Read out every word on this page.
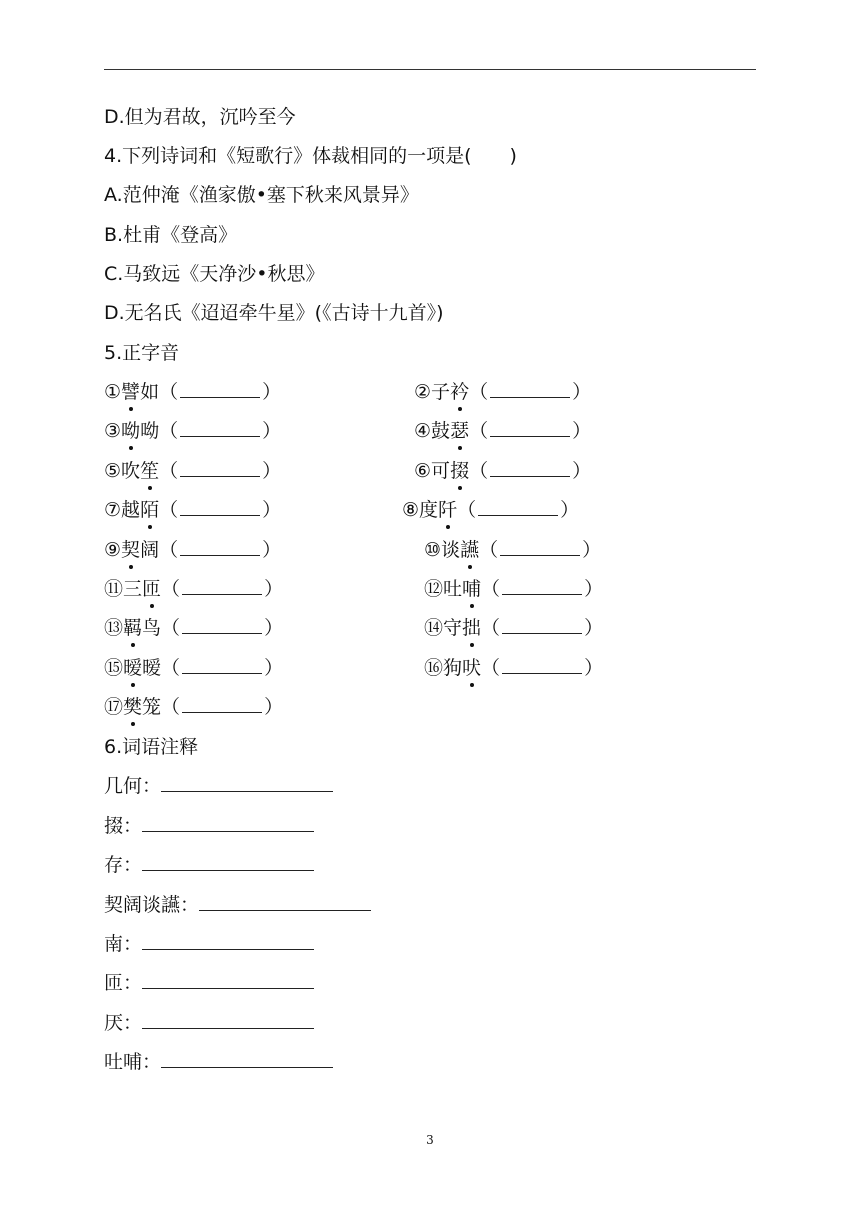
D.但为君故，沉吟至今
4.下列诗词和《短歌行》体裁相同的一项是(　　)
A.范仲淹《渔家傲•塞下秋来风景异》
B.杜甫《登高》
C.马致远《天净沙•秋思》
D.无名氏《迢迢牵牛星》(《古诗十九首》)
5.正字音
①譬如（	）	②子衿（	）
③呦呦（	）	④鼓瑟（	）
⑤吹笙（	）	⑥可掇（	）
⑦越陌（	）	⑧度阡（	）
⑨契阔（	）	⑩谈讌（	）
⑪三匝（	）	⑫吐哺（	）
⑬羁鸟（	）	⑭守拙（	）
⑮暧暧（	）	⑯狗吠（	）
⑰樊笼（	）
6.词语注释
几何：
掇：
存：
契阔谈讌：
南：
匝：
厌：
吐哺：
3
